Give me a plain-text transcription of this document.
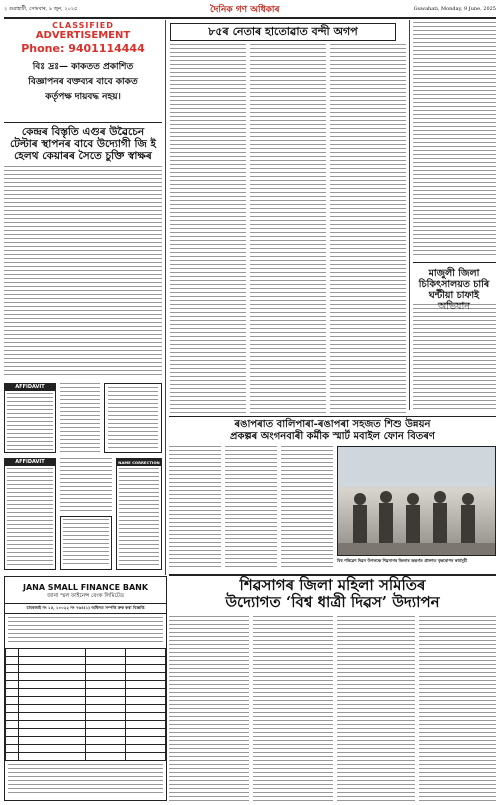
২ গুৱাহাটী, সোমবাৰ, ৯ জুন, ২০২৫	দৈনিক গণ অধিকাৰ	Guwahati, Monday, 9 June, 2025
CLASSIFIED
ADVERTISEMENT
Phone: 9401114444
বিঃ দ্ৰঃ— কাকতত প্ৰকাশিত
বিজ্ঞাপনৰ বক্তব্যৰ বাবে কাকত
কৰ্তৃপক্ষ দায়বদ্ধ নহয়।
কেন্দ্ৰৰ বিস্তৃতি এগুৰ উৱৈচেন
টেল্টাৰ স্থাপনৰ বাবে উদ্যোগী জি ই
হেলথ কেয়াৰৰ সৈতে চুক্তি স্বাক্ষৰ
AFFIDAVIT
AFFIDAVIT	NAME CORRECTION
৮৫ৰ নেতাৰ হাতোৱাত বন্দী অগপ
মাজুলী জিলা
চিকিৎসালয়ত চাৰি
ঘন্টীয়া চাফাই
ৰঙাপৰাত বালিপাৰা-ৰঙাপৰা সহজত শিশু উন্নয়ন
প্ৰকল্পৰ অংগনবাৰী কৰ্মীক স্মাৰ্ট মবাইল ফোন বিতৰণ
বিশ্ব পৰিৱেশ দিৱস উপলক্ষে শিৱসাগৰ জিলাৰ অন্তৰ্গত প্ৰাঙ্গণত বৃক্ষৰোপন কাৰ্যসূচী
JANA SMALL FINANCE BANK
জানা স্মল ফাইনেন্স বেংক লিমিটেড
চাবৰজাই নং ১৫, ১০০২২ নং ৭৬৪(১) অধিনত সম্পত্তি ক্ৰক কৰা বিজ্ঞপ্তি

শিৱসাগৰ জিলা মহিলা সমিতিৰ
উদ্যোগত ‘বিশ্ব ধাত্ৰী দিৱস’ উদ্যাপন
